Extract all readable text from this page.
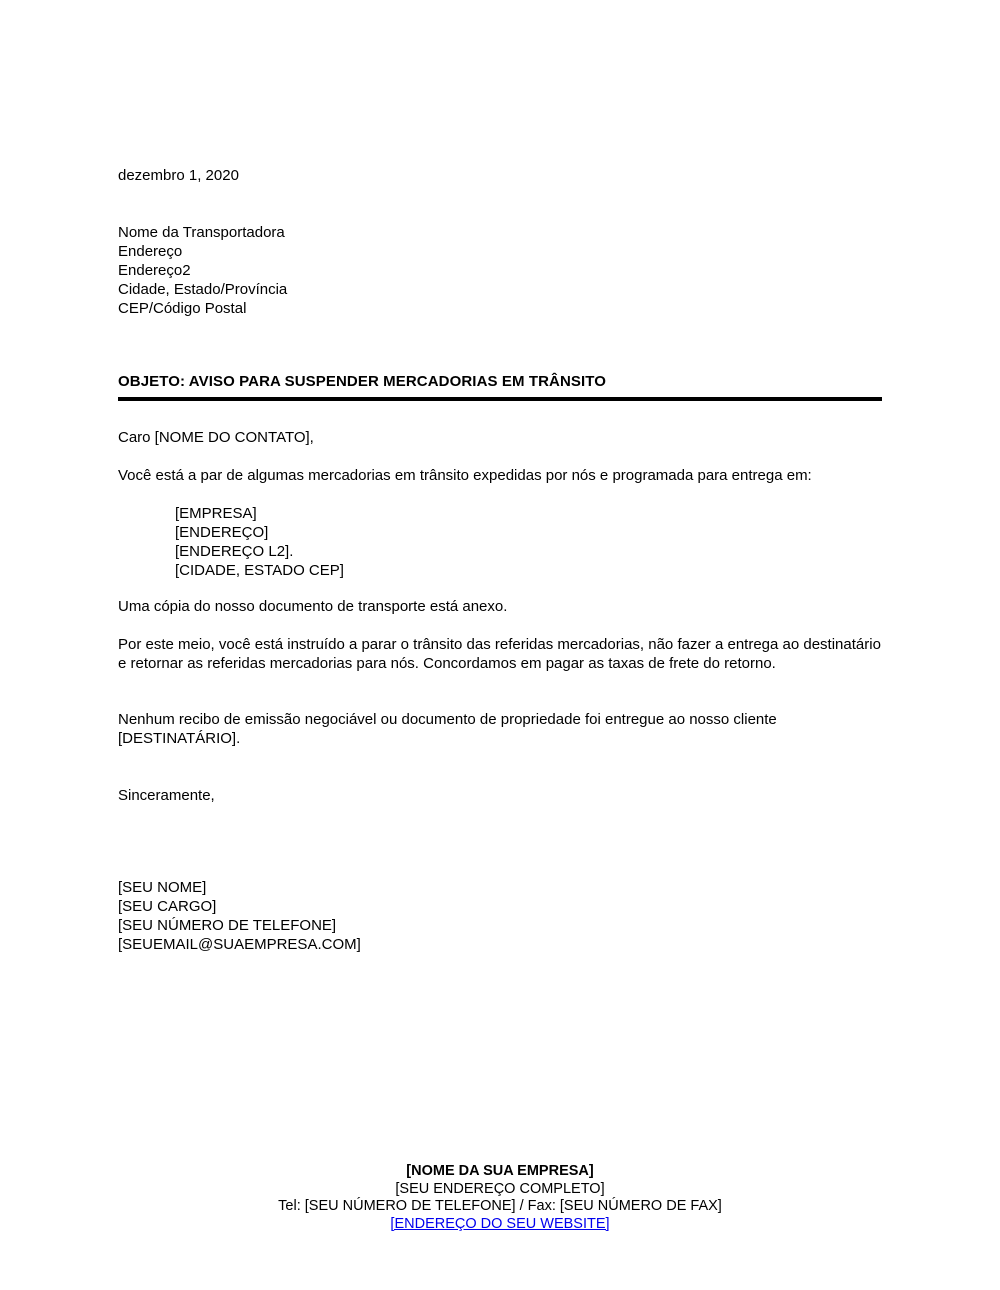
dezembro 1, 2020
Nome da Transportadora
Endereço
Endereço2
Cidade, Estado/Província
CEP/Código Postal
OBJETO: AVISO PARA SUSPENDER MERCADORIAS EM TRÂNSITO
Caro [NOME DO CONTATO],
Você está a par de algumas mercadorias em trânsito expedidas por nós e programada para entrega em:
[EMPRESA]
[ENDEREÇO]
[ENDEREÇO L2].
[CIDADE, ESTADO CEP]
Uma cópia do nosso documento de transporte está anexo.
Por este meio, você está instruído a parar o trânsito das referidas mercadorias, não fazer a entrega ao destinatário e retornar as referidas mercadorias para nós. Concordamos em pagar as taxas de frete do retorno.
Nenhum recibo de emissão negociável ou documento de propriedade foi entregue ao nosso cliente [DESTINATÁRIO].
Sinceramente,
[SEU NOME]
[SEU CARGO]
[SEU NÚMERO DE TELEFONE]
[SEUEMAIL@SUAEMPRESA.COM]
[NOME DA SUA EMPRESA]
[SEU ENDEREÇO COMPLETO]
Tel: [SEU NÚMERO DE TELEFONE] / Fax: [SEU NÚMERO DE FAX]
[ENDEREÇO DO SEU WEBSITE]
